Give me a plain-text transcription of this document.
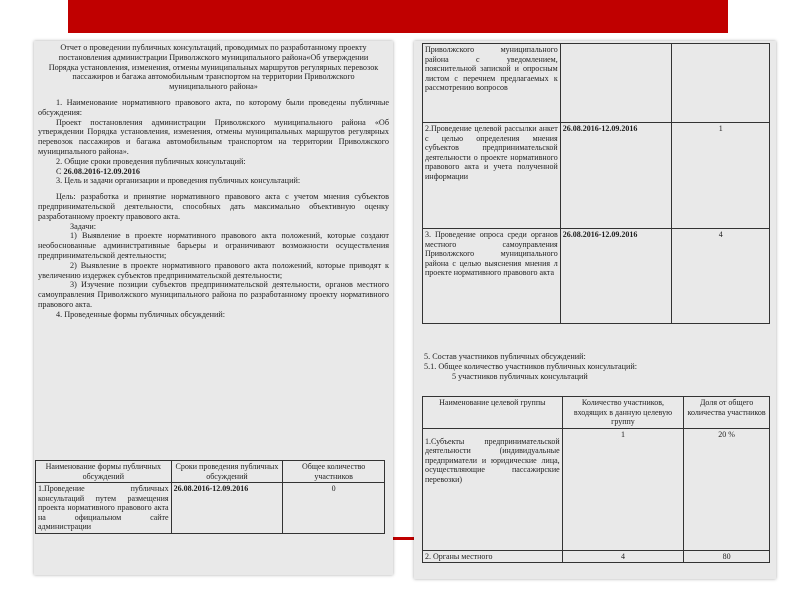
Отчет о проведении публичных консультаций, проводимых по разработанному проекту постановления администрации Приволжского муниципального района«Об утверждении Порядка установления, изменения, отмены муниципальных маршрутов регулярных перевозок пассажиров и багажа автомобильным транспортом на территории Приволжского муниципального района»

1. Наименование нормативного правового акта, по которому были проведены публичные обсуждения:

Проект постановления администрации Приволжского муниципального района «Об утверждении Порядка установления, изменения, отмены муниципальных маршрутов регулярных перевозок пассажиров и багажа автомобильным транспортом на территории Приволжского муниципального района».

2. Общие сроки проведения публичных консультаций:

С 26.08.2016-12.09.2016

3. Цель и задачи организации и проведения публичных консультаций:

Цель: разработка и принятие нормативного правового акта с учетом мнения субъектов предпринимательской деятельности, способных дать максимально объективную оценку разработанному проекту правового акта.

Задачи:

1) Выявление в проекте нормативного правового акта положений, которые создают необоснованные административные барьеры и ограничивают возможности осуществления предпринимательской деятельности;

2) Выявление в проекте нормативного правового акта положений, которые приводят к увеличению издержек субъектов предпринимательской деятельности;

3) Изучение позиции субъектов предпринимательской деятельности, органов местного самоуправления Приволжского муниципального района по разработанному проекту нормативного правового акта.

4. Проведенные формы публичных обсуждений:

Наименование формы публичных обсуждений	Сроки проведения публичных обсуждений	Общее количество участников
1.Проведение публичных консультаций путем размещения проекта нормативного правового акта на официальном сайте администрации	26.08.2016-12.09.2016	0
Приволжского муниципального района с уведомлением, пояснительной запиской и опросным листом с перечнем предлагаемых к рассмотрению вопросов		
2.Проведение целевой рассылки анкет с целью определения мнения субъектов предпринимательской деятельности о проекте нормативного правового акта и учета полученной информации	26.08.2016-12.09.2016	1
3. Проведение опроса среди органов местного самоуправления Приволжского муниципального района с целью выяснения мнения л проекте нормативного правового акта	26.08.2016-12.09.2016	4

5. Состав участников публичных обсуждений:

5.1. Общее количество участников публичных консультаций:

5 участников публичных консультаций

Наименование целевой группы	Количество участников, входящих в данную целевую группу	Доля от общего количества участников
1.Субъекты предпринимательской деятельности (индивидуальные предприматели и юридические лица, осуществляющие пассажирские перевозки)	1	20 %
2. Органы местного	4	80
